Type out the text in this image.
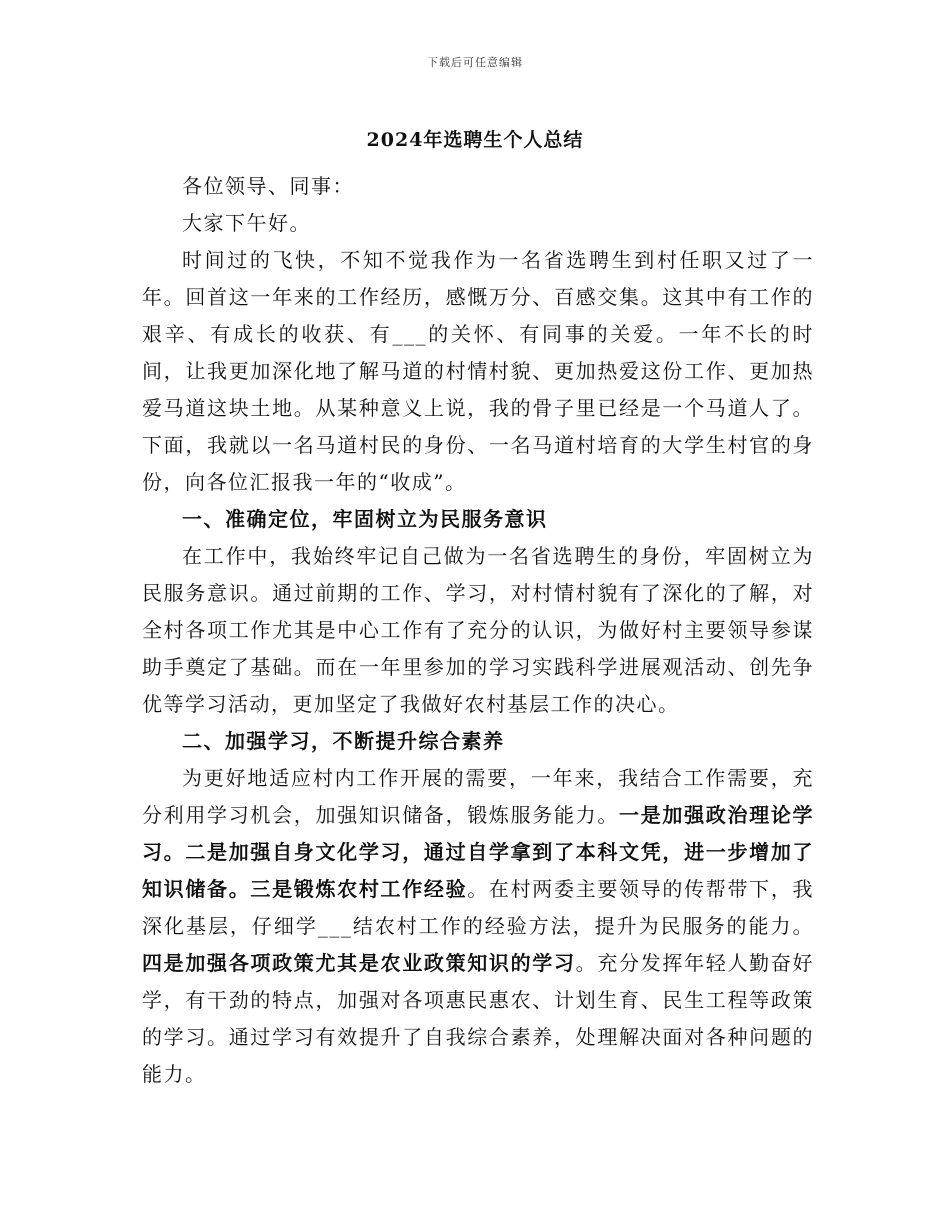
下载后可任意编辑
2024年选聘生个人总结

各位领导、同事：

大家下午好。

时间过的飞快，不知不觉我作为一名省选聘生到村任职又过了一年。回首这一年来的工作经历，感慨万分、百感交集。这其中有工作的艰辛、有成长的收获、有___的关怀、有同事的关爱。一年不长的时间，让我更加深化地了解马道的村情村貌、更加热爱这份工作、更加热爱马道这块土地。从某种意义上说，我的骨子里已经是一个马道人了。下面，我就以一名马道村民的身份、一名马道村培育的大学生村官的身份，向各位汇报我一年的“收成”。

一、准确定位，牢固树立为民服务意识

在工作中，我始终牢记自己做为一名省选聘生的身份，牢固树立为民服务意识。通过前期的工作、学习，对村情村貌有了深化的了解，对全村各项工作尤其是中心工作有了充分的认识，为做好村主要领导参谋助手奠定了基础。而在一年里参加的学习实践科学进展观活动、创先争优等学习活动，更加坚定了我做好农村基层工作的决心。

二、加强学习，不断提升综合素养

为更好地适应村内工作开展的需要，一年来，我结合工作需要，充分利用学习机会，加强知识储备，锻炼服务能力。一是加强政治理论学习。二是加强自身文化学习，通过自学拿到了本科文凭，进一步增加了知识储备。三是锻炼农村工作经验。在村两委主要领导的传帮带下，我深化基层，仔细学___结农村工作的经验方法，提升为民服务的能力。四是加强各项政策尤其是农业政策知识的学习。充分发挥年轻人勤奋好学，有干劲的特点，加强对各项惠民惠农、计划生育、民生工程等政策的学习。通过学习有效提升了自我综合素养，处理解决面对各种问题的能力。
